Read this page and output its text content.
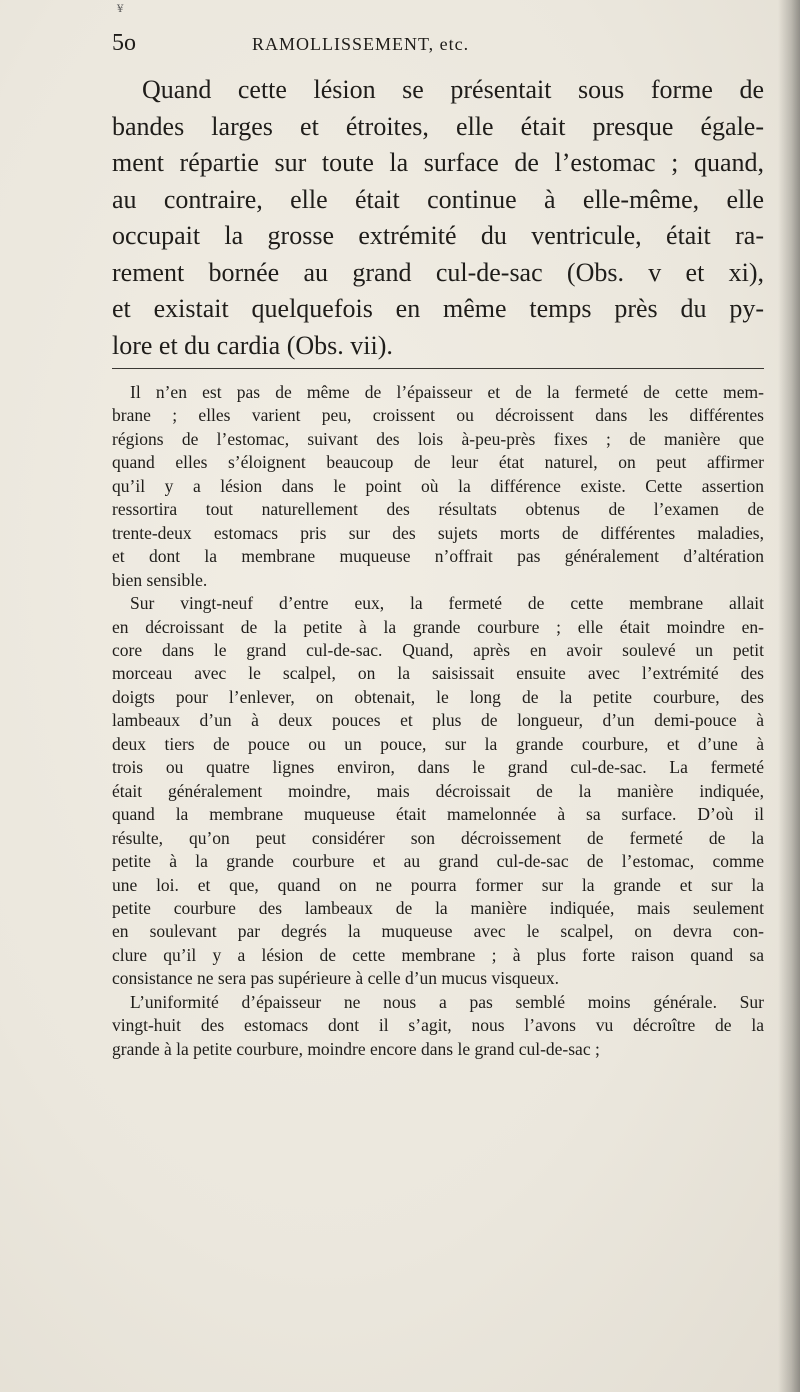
¥
5o	RAMOLLISSEMENT, etc.
Quand cette lésion se présentait sous forme de
bandes larges et étroites, elle était presque égale-
ment répartie sur toute la surface de l’estomac ; quand,
au contraire, elle était continue à elle-même, elle
occupait la grosse extrémité du ventricule, était ra-
rement bornée au grand cul-de-sac (Obs. v et xi),
et existait quelquefois en même temps près du py-
lore et du cardia (Obs. vii).
Il n’en est pas de même de l’épaisseur et de la fermeté de cette mem-
brane ; elles varient peu, croissent ou décroissent dans les différentes
régions de l’estomac, suivant des lois à-peu-près fixes ; de manière que
quand elles s’éloignent beaucoup de leur état naturel, on peut affirmer
qu’il y a lésion dans le point où la différence existe. Cette assertion
ressortira tout naturellement des résultats obtenus de l’examen de
trente-deux estomacs pris sur des sujets morts de différentes maladies,
et dont la membrane muqueuse n’offrait pas généralement d’altération
bien sensible.
Sur vingt-neuf d’entre eux, la fermeté de cette membrane allait
en décroissant de la petite à la grande courbure ; elle était moindre en-
core dans le grand cul-de-sac. Quand, après en avoir soulevé un petit
morceau avec le scalpel, on la saisissait ensuite avec l’extrémité des
doigts pour l’enlever, on obtenait, le long de la petite courbure, des
lambeaux d’un à deux pouces et plus de longueur, d’un demi-pouce à
deux tiers de pouce ou un pouce, sur la grande courbure, et d’une à
trois ou quatre lignes environ, dans le grand cul-de-sac. La fermeté
était généralement moindre, mais décroissait de la manière indiquée,
quand la membrane muqueuse était mamelonnée à sa surface. D’où il
résulte, qu’on peut considérer son décroissement de fermeté de la
petite à la grande courbure et au grand cul-de-sac de l’estomac, comme
une loi. et que, quand on ne pourra former sur la grande et sur la
petite courbure des lambeaux de la manière indiquée, mais seulement
en soulevant par degrés la muqueuse avec le scalpel, on devra con-
clure qu’il y a lésion de cette membrane ; à plus forte raison quand sa
consistance ne sera pas supérieure à celle d’un mucus visqueux.
L’uniformité d’épaisseur ne nous a pas semblé moins générale. Sur
vingt-huit des estomacs dont il s’agit, nous l’avons vu décroître de la
grande à la petite courbure, moindre encore dans le grand cul-de-sac ;
